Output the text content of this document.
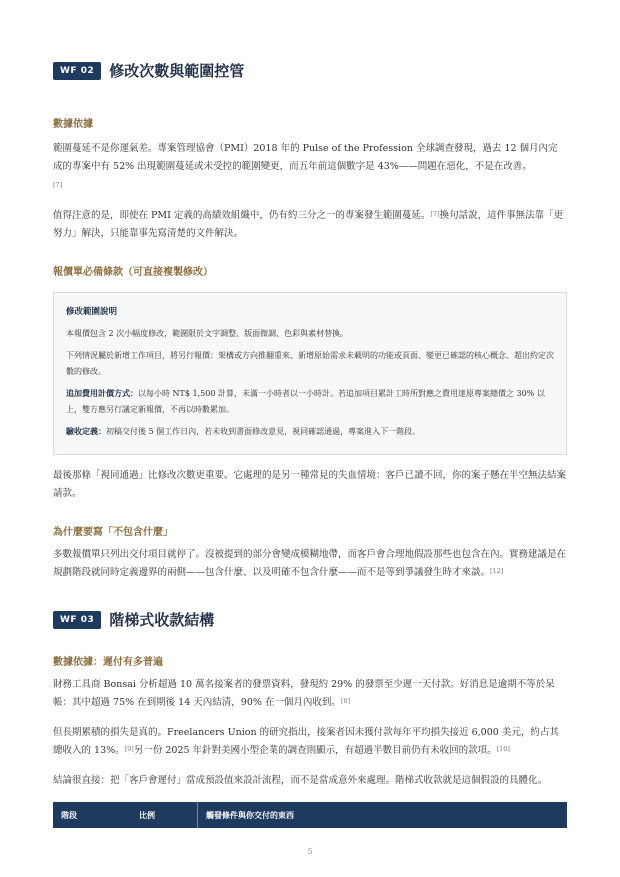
WF 02	修改次數與範圍控管
數據依據

範圍蔓延不是你運氣差。專案管理協會（PMI）2018 年的 Pulse of the Profession 全球調查發現，過去 12 個月內完成的專案中有 52% 出現範圍蔓延或未受控的範圍變更，而五年前這個數字是 43%——問題在惡化，不是在改善。
[7]

值得注意的是，即使在 PMI 定義的高績效組織中，仍有約三分之一的專案發生範圍蔓延。[7]換句話說，這件事無法靠「更努力」解決，只能靠事先寫清楚的文件解決。

報價單必備條款（可直接複製修改）
修改範圍說明

本報價包含 2 次小幅度修改，範圍限於文字調整、版面微調、色彩與素材替換。

下列情況屬於新增工作項目，將另行報價：架構或方向推翻重來、新增原始需求未載明的功能或頁面、變更已確認的核心概念、超出約定次數的修改。

追加費用計價方式：以每小時 NT$ 1,500 計算，未滿一小時者以一小時計。若追加項目累計工時所對應之費用達原專案總價之 30% 以上，雙方應另行議定新報價，不再以時數累加。

驗收定義：初稿交付後 5 個工作日內，若未收到書面修改意見，視同確認通過，專案進入下一階段。

最後那條「視同通過」比修改次數更重要。它處理的是另一種常見的失血情境：客戶已讀不回，你的案子懸在半空無法結案請款。

為什麼要寫「不包含什麼」

多數報價單只列出交付項目就停了。沒被提到的部分會變成模糊地帶，而客戶會合理地假設那些也包含在內。實務建議是在規劃階段就同時定義邊界的兩側——包含什麼、以及明確不包含什麼——而不是等到爭議發生時才來談。[12]

WF 03	階梯式收款結構
數據依據：遲付有多普遍

財務工具商 Bonsai 分析超過 10 萬名接案者的發票資料，發現約 29% 的發票至少遲一天付款。好消息是逾期不等於呆帳：其中超過 75% 在到期後 14 天內結清，90% 在一個月內收到。[8]

但長期累積的損失是真的。Freelancers Union 的研究指出，接案者因未獲付款每年平均損失接近 6,000 美元，約占其總收入的 13%。[9]另一份 2025 年針對美國小型企業的調查則顯示，有超過半數目前仍有未收回的款項。[10]

結論很直接：把「客戶會遲付」當成預設值來設計流程，而不是當成意外來處理。階梯式收款就是這個假設的具體化。

階段	比例	觸發條件與你交付的東西
5
